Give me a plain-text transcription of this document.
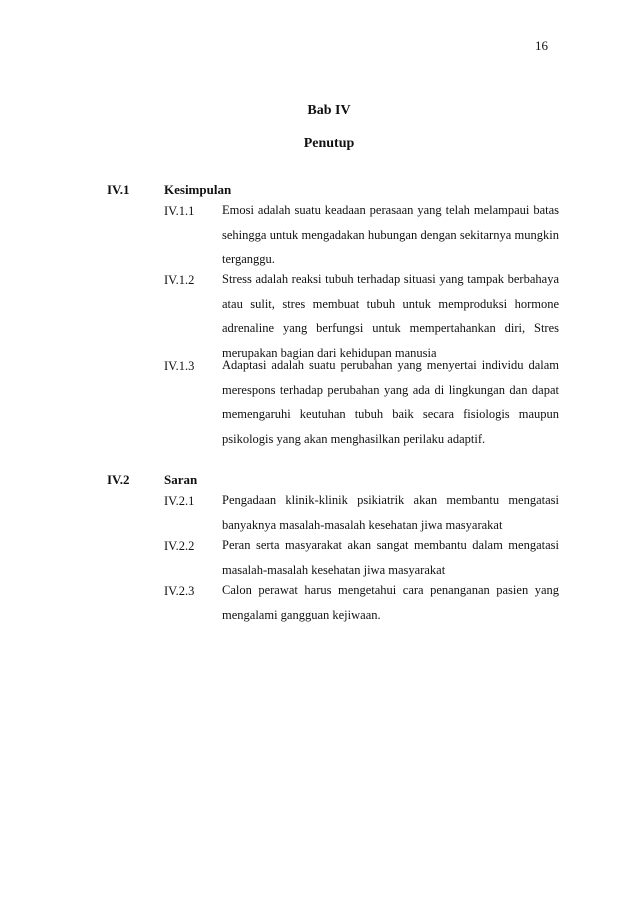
16
Bab IV
Penutup
IV.1	Kesimpulan
IV.1.1 Emosi adalah suatu keadaan perasaan yang telah melampaui batas sehingga untuk mengadakan hubungan dengan sekitarnya mungkin terganggu.

IV.1.2 Stress adalah reaksi tubuh terhadap situasi yang tampak berbahaya atau sulit, stres membuat tubuh untuk memproduksi hormone adrenaline yang berfungsi untuk mempertahankan diri, Stres merupakan bagian dari kehidupan manusia

IV.1.3 Adaptasi adalah suatu perubahan yang menyertai individu dalam merespons terhadap perubahan yang ada di lingkungan dan dapat memengaruhi keutuhan tubuh baik secara fisiologis maupun psikologis yang akan menghasilkan perilaku adaptif.

IV.2	Saran
IV.2.1 Pengadaan klinik-klinik psikiatrik akan membantu mengatasi banyaknya masalah-masalah kesehatan jiwa masyarakat

IV.2.2 Peran serta masyarakat akan sangat membantu dalam mengatasi masalah-masalah kesehatan jiwa masyarakat

IV.2.3 Calon perawat harus mengetahui cara penanganan pasien yang mengalami gangguan kejiwaan.
